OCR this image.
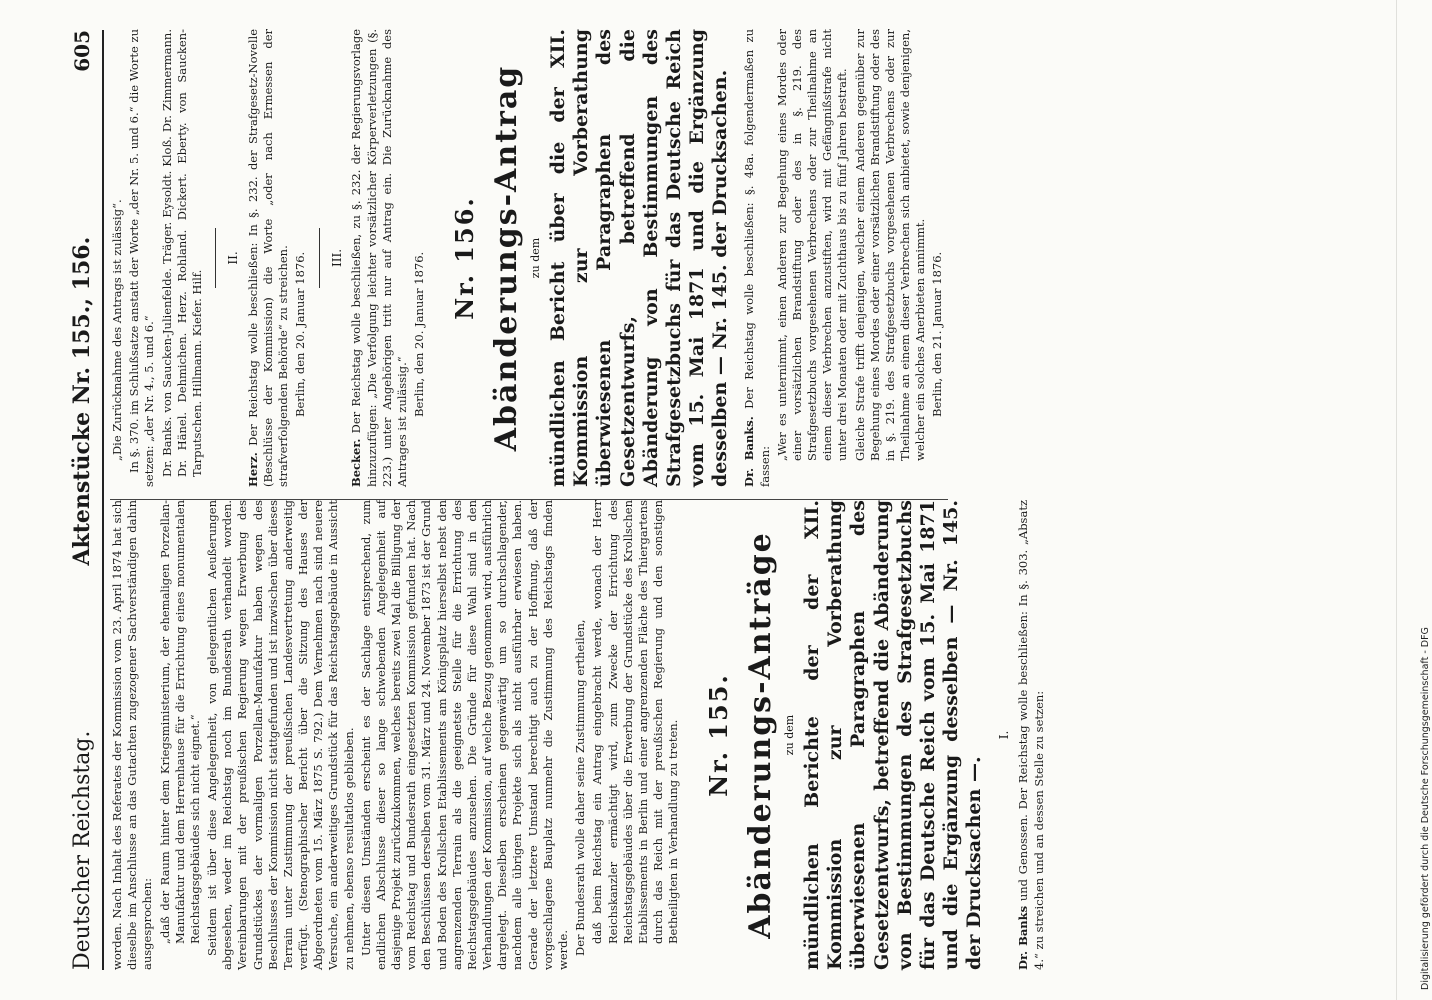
Deutscher Reichstag.
Aktenstücke Nr. 155., 156.
605

worden. Nach Inhalt des Referates der Kommission vom 23. April 1874 hat sich dieselbe im Anschlusse an das Gutachten zugezogener Sachverständigen dahin ausgesprochen: „daß der Raum hinter dem Kriegsministerium, der ehemaligen Porzellan-Manufaktur und dem Herrenhause für die Errichtung eines monumentalen Reichstagsgebäudes sich nicht eignet.“ Seitdem ist über diese Angelegenheit, von gelegentlichen Aeußerungen abgesehen, weder im Reichstag noch im Bundesrath verhandelt worden. Vereinbarungen mit der preußischen Regierung wegen Erwerbung des Grundstückes der vormaligen Porzellan-Manufaktur haben wegen des Beschlusses der Kommission nicht stattgefunden und ist inzwischen über dieses Terrain unter Zustimmung der preußischen Landesvertretung anderweitig verfügt. (Stenographischer Bericht über die Sitzung des Hauses der Abgeordneten vom 15. März 1875 S. 792.) Dem Vernehmen nach sind neuere Versuche, ein anderweitiges Grundstück für das Reichstagsgebäude in Aussicht zu nehmen, ebenso resultatlos geblieben. Unter diesen Umständen erscheint es der Sachlage entsprechend, zum endlichen Abschlusse dieser so lange schwebenden Angelegenheit auf dasjenige Projekt zurückzukommen, welches bereits zwei Mal die Billigung der vom Reichstag und Bundesrath eingesetzten Kommission gefunden hat. Nach den Beschlüssen derselben vom 31. März und 24. November 1873 ist der Grund und Boden des Krollschen Etablissements am Königsplatz hierselbst nebst den angrenzenden Terrain als die geeignetste Stelle für die Errichtung des Reichstagsgebäudes anzusehen. Die Gründe für diese Wahl sind in den Verhandlungen der Kommission, auf welche Bezug genommen wird, ausführlich dargelegt. Dieselben erscheinen gegenwärtig um so durchschlagender, nachdem alle übrigen Projekte sich als nicht ausführbar erwiesen haben. Gerade der letztere Umstand berechtigt auch zu der Hoffnung, daß der vorgeschlagene Bauplatz nunmehr die Zustimmung des Reichstags finden werde. Der Bundesrath wolle daher seine Zustimmung ertheilen, daß beim Reichstag ein Antrag eingebracht werde, wonach der Herr Reichskanzler ermächtigt wird, zum Zwecke der Errichtung des Reichstagsgebäudes über die Erwerbung der Grundstücke des Krollschen Etablissements in Berlin und einer angrenzenden Fläche des Thiergartens durch das Reich mit der preußischen Regierung und den sonstigen Betheiligten in Verhandlung zu treten. Nr. 155. Abänderungs-Anträge zu dem mündlichen Berichte der der XII. Kommission zur Vorberathung überwiesenen Paragraphen des Gesetzentwurfs, betreffend die Abänderung von Bestimmungen des Strafgesetzbuchs für das Deutsche Reich vom 15. Mai 1871 und die Ergänzung desselben — Nr. 145. der Drucksachen —.
I.

Dr. Banks und Genossen. Der Reichstag wolle beschließen: In §. 303. „Absatz 4.“ zu streichen und an dessen Stelle zu setzen:

„Die Zurücknahme des Antrags ist zulässig“. In §. 370. im Schlußsatze anstatt der Worte „der Nr. 5. und 6.“ die Worte zu setzen: „der Nr. 4., 5. und 6.“ Dr. Banks. von Saucken-Julienfelde. Träger. Eysoldt. Kloß. Dr. Zimmermann. Dr. Hänel. Dehmichen. Herz. Rohland. Dickert. Eberty. von Saucken-Tarputschen. Hillmann. Kiefer. Hilf.

II.

Herz. Der Reichstag wolle beschließen: In §. 232. der Strafgesetz-Novelle (Beschlüsse der Kommission) die Worte „oder nach Ermessen der strafverfolgenden Behörde“ zu streichen. Berlin, den 20. Januar 1876. III.

Becker. Der Reichstag wolle beschließen, zu §. 232. der Regierungsvorlage hinzuzufügen: „Die Verfolgung leichter vorsätzlicher Körperverletzungen (§. 223.) unter Angehörigen tritt nur auf Antrag ein. Die Zurücknahme des Antrages ist zulässig.“

Berlin, den 20. Januar 1876. Nr. 156. Abänderungs-Antrag zu dem mündlichen Bericht über die der XII. Kommission zur Vorberathung überwiesenen Paragraphen des Gesetzentwurfs, betreffend die Abänderung von Bestimmungen des Strafgesetzbuchs für das Deutsche Reich vom 15. Mai 1871 und die Ergänzung desselben — Nr. 145. der Drucksachen. Dr. Banks. Der Reichstag wolle beschließen: §. 48a. folgendermaßen zu fassen:

„Wer es unternimmt, einen Anderen zur Begehung eines Mordes oder einer vorsätzlichen Brandstiftung oder des in §. 219. des Strafgesetzbuchs vorgesehenen Verbrechens oder zur Theilnahme an einem dieser Verbrechen anzustiften, wird mit Gefängnißstrafe nicht unter drei Monaten oder mit Zuchthaus bis zu fünf Jahren bestraft. Gleiche Strafe trifft denjenigen, welcher einem Anderen gegenüber zur Begehung eines Mordes oder einer vorsätzlichen Brandstiftung oder des in §. 219. des Strafgesetzbuchs vorgesehenen Verbrechens oder zur Theilnahme an einem dieser Verbrechen sich anbietet, sowie denjenigen, welcher ein solches Anerbieten annimmt. Berlin, den 21. Januar 1876.

Digitalisierung gefördert durch die Deutsche Forschungsgemeinschaft - DFG
